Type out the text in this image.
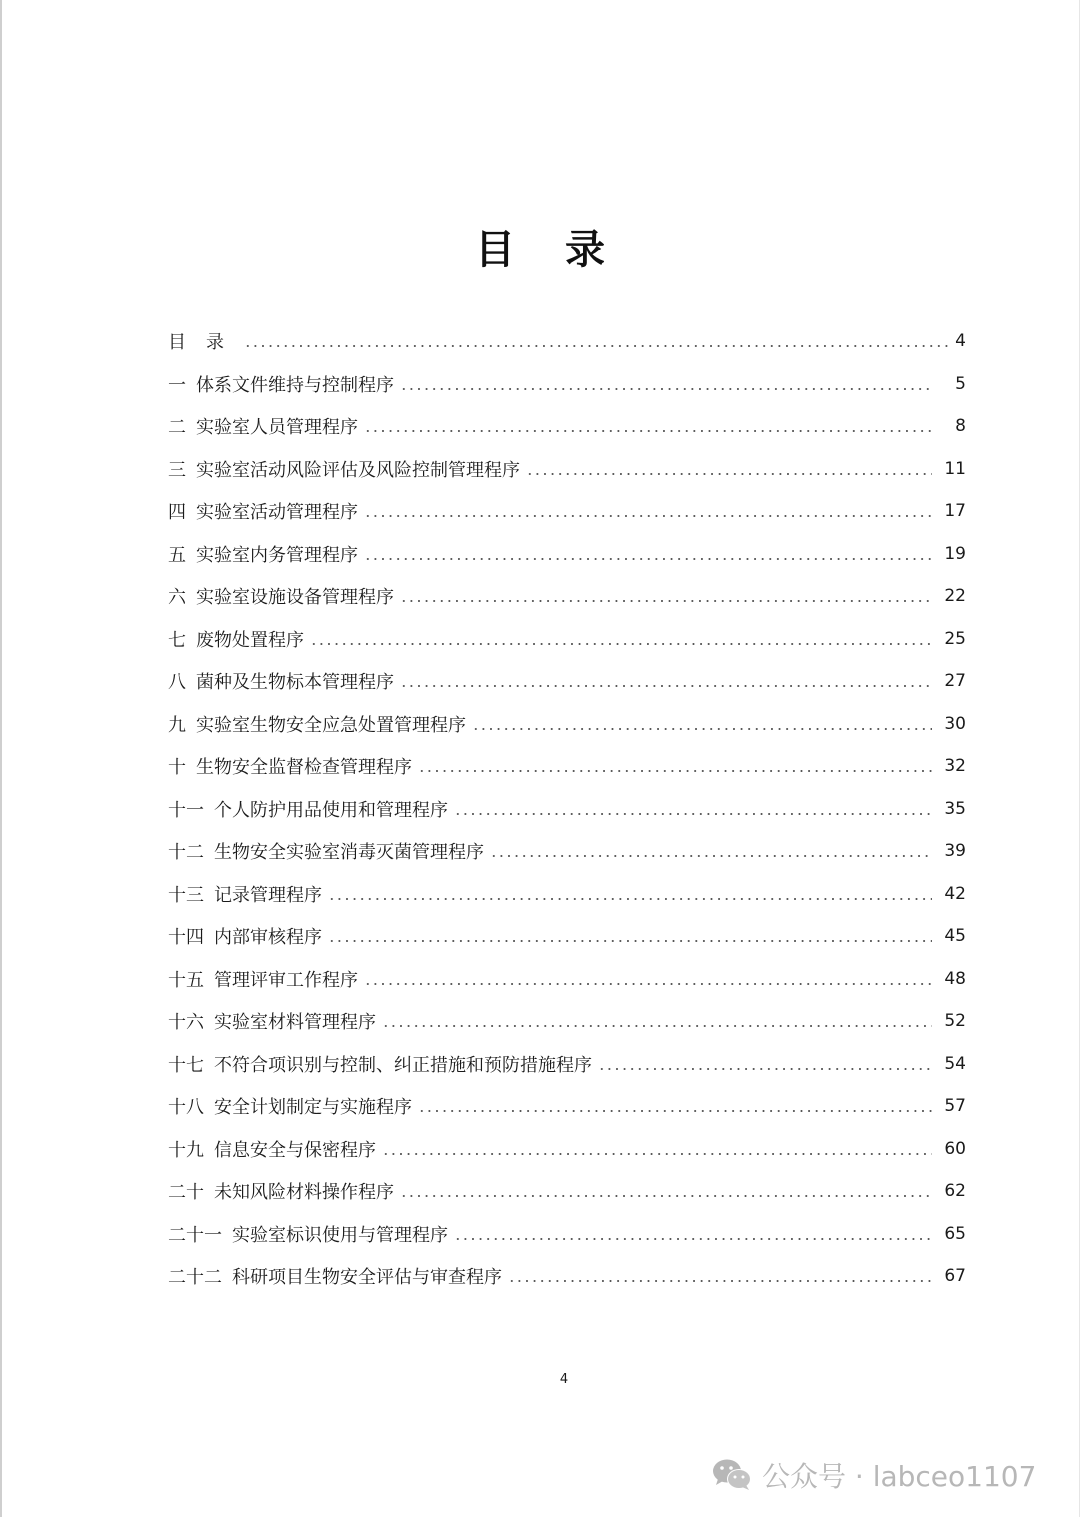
目 录
目 录	4
一 体系文件维持与控制程序	5
二 实验室人员管理程序	8
三 实验室活动风险评估及风险控制管理程序	11
四 实验室活动管理程序	17
五 实验室内务管理程序	19
六 实验室设施设备管理程序	22
七 废物处置程序	25
八 菌种及生物标本管理程序	27
九 实验室生物安全应急处置管理程序	30
十 生物安全监督检查管理程序	32
十一 个人防护用品使用和管理程序	35
十二 生物安全实验室消毒灭菌管理程序	39
十三 记录管理程序	42
十四 内部审核程序	45
十五 管理评审工作程序	48
十六 实验室材料管理程序	52
十七 不符合项识别与控制、纠正措施和预防措施程序	54
十八 安全计划制定与实施程序	57
十九 信息安全与保密程序	60
二十 未知风险材料操作程序	62
二十一 实验室标识使用与管理程序	65
二十二 科研项目生物安全评估与审查程序	67
4
公众号 · labceo1107
